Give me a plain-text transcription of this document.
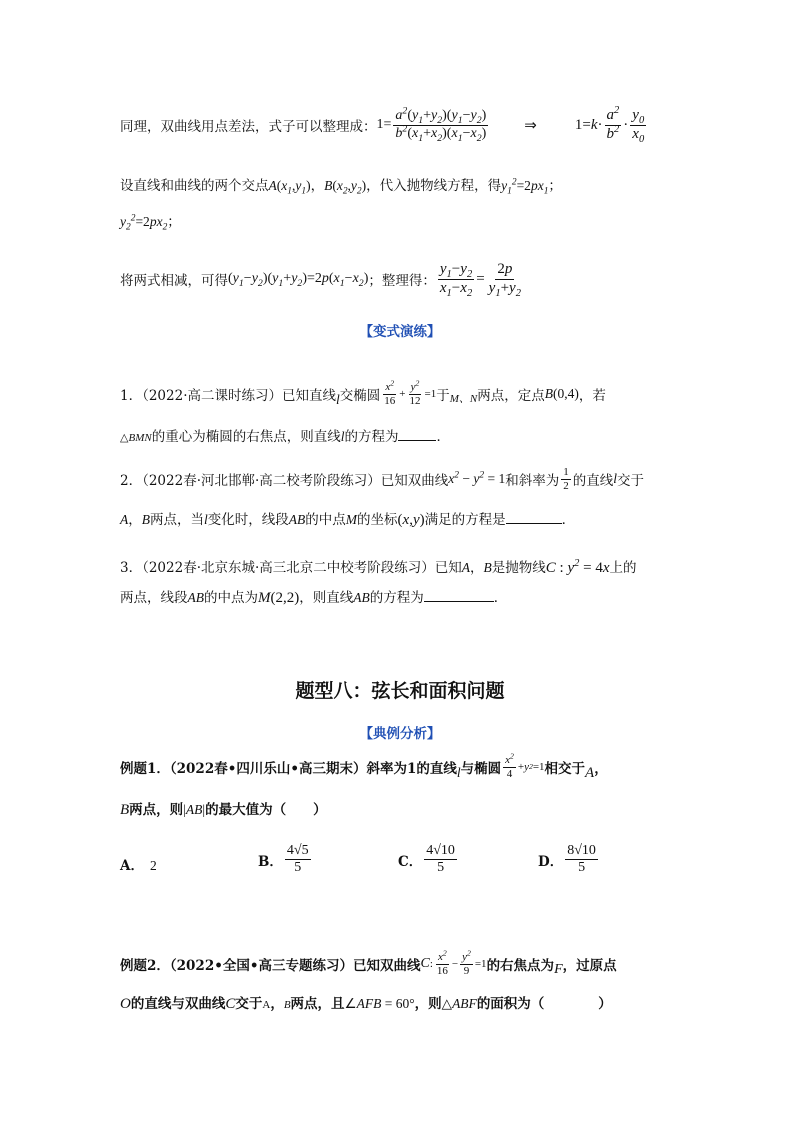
同理，双曲线用点差法，式子可以整理成： $1= \frac{a^2(y_1+y_2)(y_1-y_2)}{b^2(x_1+x_2)(x_1-x_2)}$ ⇒	$1= k \cdot \frac{a^2}{b^2} \cdot \frac{y_0}{x_0}$
设直线和曲线的两个交点$A(x_1,y_1)$，$B(x_2,y_2)$，代入抛物线方程，得$y_1^2=2px_1$；
$y_2^2=2px_2$；
将两式相减，可得 $(y_1-y_2)(y_1+y_2)=2p(x_1-x_2)$ ；整理得： $\frac{y_1-y_2}{x_1-x_2} = \frac{2p}{y_1+y_2}$
【变式演练】
1．（2022·高二课时练习）已知直线 l 交椭圆 $\frac{x^2}{16} + \frac{y^2}{12} =1$ 于 M、N 两点，定点 B(0,4) ，若
△BMN的重心为椭圆的右焦点，则直线l的方程为	．
2．（2022春·河北邯郸·高二校考阶段练习）已知双曲线 $x^2 - y^2 = 1$ 和斜率为 $\frac{1}{2}$ 的直线 l 交于
A，B两点，当l变化时，线段AB的中点M的坐标(x,y)满足的方程是	．
3．（2022春·北京东城·高三北京二中校考阶段练习）已知A，B是抛物线C : $y^2 = 4x$上的
两点，线段AB的中点为M(2,2)，则直线AB的方程为	．
题型八：弦长和面积问题
【典例分析】
例题1．（2022春•四川乐山•高三期末）斜率为1的直线 l 与椭圆 $\frac{x^2}{4} + y$ 2 =1 相交于 A ，
B两点，则|AB|的最大值为（　　）
A． 2	B． $\frac{4√5}{5}$	C． $\frac{4√10}{5}$	D． $\frac{8√10}{5}$
例题2．（2022•全国•高三专题练习）已知双曲线 C : $\frac{x^2}{16} - \frac{y^2}{9} =1$ 的右焦点为 F ，过原点
O的直线与双曲线C交于A，B两点，且∠AFB = 60°，则△ABF的面积为（　　　　）
